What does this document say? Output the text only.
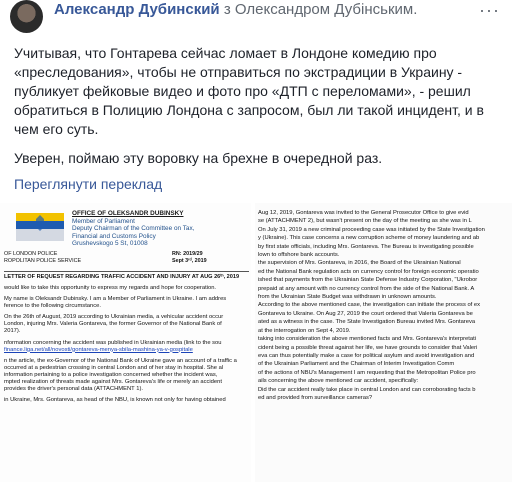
Александр Дубинский з Олександром Дубінським.	···

Учитывая, что Гонтарева сейчас ломает в Лондоне комедию про «преследования», чтобы не отправиться по экстрадиции в Украину - публикует фейковые видео и фото про «ДТП с переломами», - решил обратиться в Полицию Лондона с запросом, был ли такой инцидент, и в чем его суть.

Уверен, поймаю эту воровку на брехне в очередной раз.

Переглянути переклад
OFFICE OF OLEKSANDR DUBINSKY
Member of Parliament
Deputy Chairman of the Committee on Tax,
Financial and Customs Policy
Grushevskogo 5 St, 01008
OF LONDON POLICE	RN: 2019/29
ROPOLITAN POLICE SERVICE	Sept 3ʳᵈ, 2019
LETTER OF REQUEST REGARDING TRAFFIC ACCIDENT AND INJURY AT AUG 26ᵗʰ, 2019
would like to take this opportunity to express my regards and hope for cooperation.
My name is Oleksandr Dubinsky. I am a Member of Parliament in Ukraine. I am addres
ference to the following circumstance.
On the 26th of August, 2019 according to Ukrainian media, a vehicular accident occur
London, injuring Mrs. Valeria Gontareva, the former Governor of the National Bank of
2017).
nformation concerning the accident was published in Ukrainian media (link to the sou
finance.liga.net/all/novosti/gontareva-menya-sbila-mashina-ya-v-gospitale
n the article, the ex-Governor of the National Bank of Ukraine gave an account of a traffic a
occurred at a pedestrian crossing in central London and of her stay in hospital. She al
information pertaining to a police investigation concerned whether the incident was,
mpted realization of threats made against Mrs. Gontareva's life or merely an accident
provides the driver's personal data (ATTACHMENT 1).
in Ukraine, Mrs. Gontareva, as head of the NBU, is known not only for having obtained
Aug 12, 2019, Gontareva was invited to the General Prosecutor Office to give evid
se (ATTACHMENT 2), but wasn't present on the day of the meeting as she was in L
On July 31, 2019 a new criminal proceeding case was initiated by the State Investigation
y (Ukraine). This case concerns a new corruption scheme of money laundering and ab
by first state officials, including Mrs. Gontareva. The Bureau is investigating possible
lown to offshore bank accounts.
the supervision of Mrs. Gontareva, in 2016, the Board of the Ukrainian National
ed the National Bank regulation acts on currency control for foreign economic operatio
ished that payments from the Ukrainian State Defense Industry Corporation, "Ukrobor
prepaid at any amount with no currency control from the side of the National Bank. A
from the Ukrainian State Budget was withdrawn in unknown amounts.
According to the above mentioned case, the investigation can initiate the process of ex
Gontareva to Ukraine. On Aug 27, 2019 the court ordered that Valeria Gontareva be
ated as a witness in the case. The State Investigation Bureau invited Mrs. Gontareva
at the interrogation on Sept 4, 2019.
taking into consideration the above mentioned facts and Mrs. Gontareva's interpretati
cident being a possible threat against her life, we have grounds to consider that Valeri
eva can thus potentially make a case for political asylum and avoid investigation and
of the Ukrainian Parliament and the Chairman of Interim Investigation Comm
of the actions of NBU's Management I am requesting that the Metropolitan Police pro
ails concerning the above mentioned car accident, specifically:
Did the car accident really take place in central London and can corroborating facts b
ed and provided from surveillance cameras?
